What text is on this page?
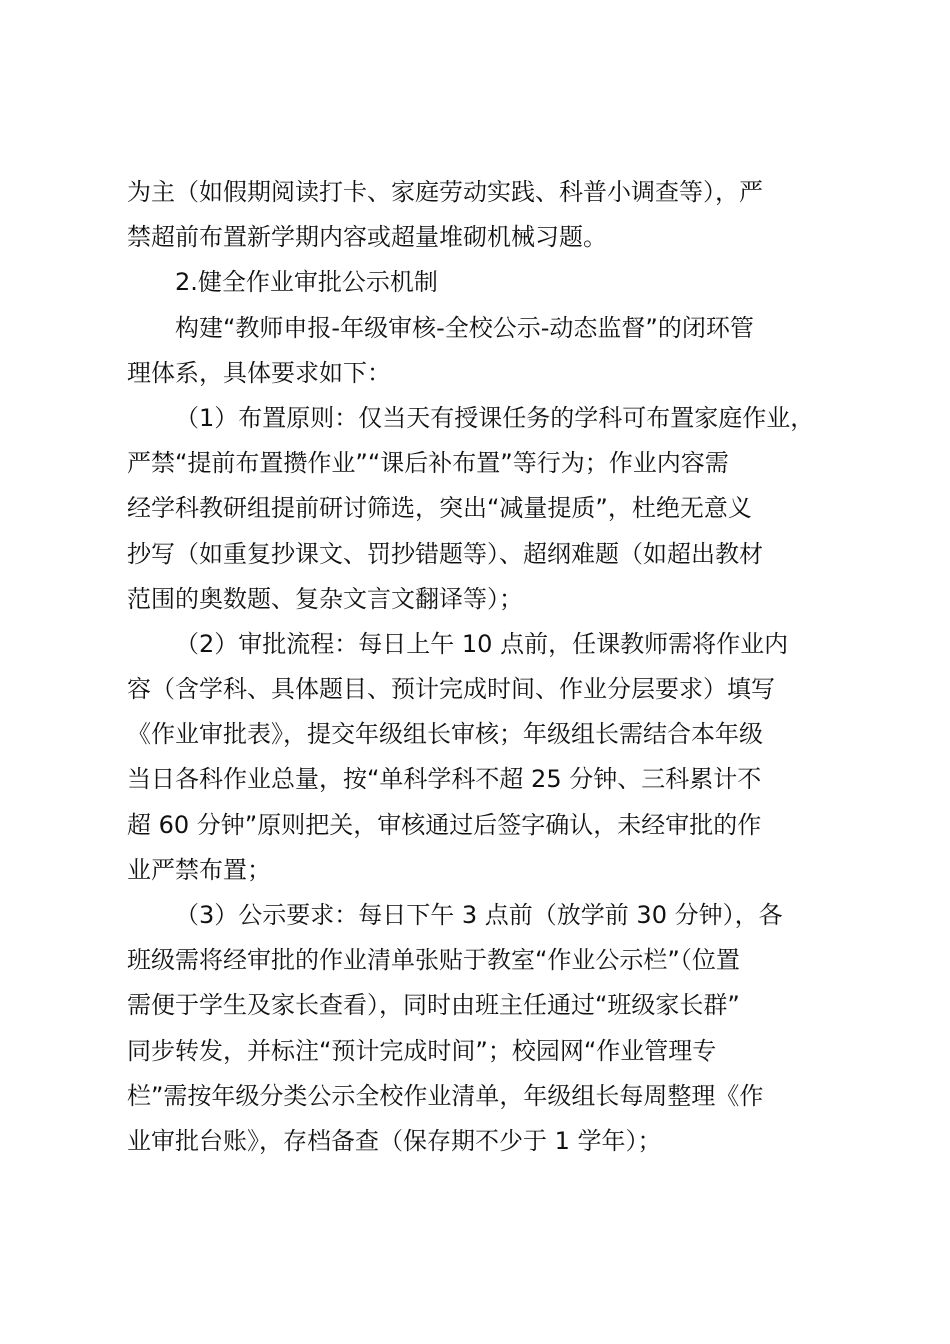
为主（如假期阅读打卡、家庭劳动实践、科普小调查等），严
禁超前布置新学期内容或超量堆砌机械习题。
2.健全作业审批公示机制
构建“教师申报-年级审核-全校公示-动态监督”的闭环管
理体系，具体要求如下：
（1）布置原则：仅当天有授课任务的学科可布置家庭作业，
严禁“提前布置攒作业”“课后补布置”等行为；作业内容需
经学科教研组提前研讨筛选，突出“减量提质”，杜绝无意义
抄写（如重复抄课文、罚抄错题等）、超纲难题（如超出教材
范围的奥数题、复杂文言文翻译等）；
（2）审批流程：每日上午 10 点前，任课教师需将作业内
容（含学科、具体题目、预计完成时间、作业分层要求）填写
《作业审批表》，提交年级组长审核；年级组长需结合本年级
当日各科作业总量，按“单科学科不超 25 分钟、三科累计不
超 60 分钟”原则把关，审核通过后签字确认，未经审批的作
业严禁布置；
（3）公示要求：每日下午 3 点前（放学前 30 分钟），各
班级需将经审批的作业清单张贴于教室“作业公示栏”（位置
需便于学生及家长查看），同时由班主任通过“班级家长群”
同步转发，并标注“预计完成时间”；校园网“作业管理专
栏”需按年级分类公示全校作业清单，年级组长每周整理《作
业审批台账》，存档备查（保存期不少于 1 学年）；
